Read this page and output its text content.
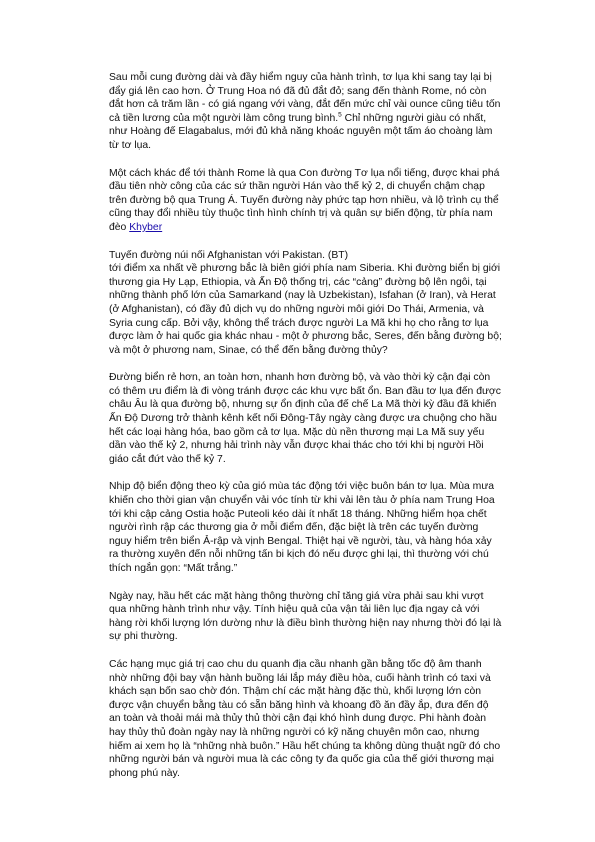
Sau mỗi cung đường dài và đầy hiểm nguy của hành trình, tơ lụa khi sang tay lại bị đẩy giá lên cao hơn. Ở Trung Hoa nó đã đủ đắt đỏ; sang đến thành Rome, nó còn đắt hơn cả trăm lần - có giá ngang với vàng, đắt đến mức chỉ vài ounce cũng tiêu tốn cả tiền lương của một người làm công trung bình.$^5$ Chỉ những người giàu có nhất, như Hoàng đế Elagabalus, mới đủ khả năng khoác nguyên một tấm áo choàng làm từ tơ lụa.

Một cách khác để tới thành Rome là qua Con đường Tơ lụa nổi tiếng, được khai phá đầu tiên nhờ công của các sứ thần người Hán vào thế kỷ 2, di chuyển chậm chạp trên đường bộ qua Trung Á. Tuyến đường này phức tạp hơn nhiều, và lộ trình cụ thể cũng thay đổi nhiều tùy thuộc tình hình chính trị và quân sự biến động, từ phía nam đèo Khyber

Tuyến đường núi nối Afghanistan với Pakistan. (BT)

tới điểm xa nhất về phương bắc là biên giới phía nam Siberia. Khi đường biển bị giới thương gia Hy Lạp, Ethiopia, và Ấn Độ thống trị, các “cảng” đường bộ lên ngôi, tại những thành phố lớn của Samarkand (nay là Uzbekistan), Isfahan (ở Iran), và Herat (ở Afghanistan), có đầy đủ dịch vụ do những người môi giới Do Thái, Armenia, và Syria cung cấp. Bởi vậy, không thể trách được người La Mã khi họ cho rằng tơ lụa được làm ở hai quốc gia khác nhau - một ở phương bắc, Seres, đến bằng đường bộ; và một ở phương nam, Sinae, có thể đến bằng đường thủy?

Đường biển rẻ hơn, an toàn hơn, nhanh hơn đường bộ, và vào thời kỳ cận đại còn có thêm ưu điểm là đi vòng tránh được các khu vực bất ổn. Ban đầu tơ lụa đến được châu Âu là qua đường bộ, nhưng sự ổn định của đế chế La Mã thời kỳ đầu đã khiến Ấn Độ Dương trở thành kênh kết nối Đông-Tây ngày càng được ưa chuộng cho hầu hết các loại hàng hóa, bao gồm cả tơ lụa. Mặc dù nền thương mại La Mã suy yếu dần vào thế kỷ 2, nhưng hải trình này vẫn được khai thác cho tới khi bị người Hồi giáo cắt đứt vào thế kỷ 7.

Nhịp độ biển động theo kỳ của gió mùa tác động tới việc buôn bán tơ lụa. Mùa mưa khiến cho thời gian vận chuyển vải vóc tính từ khi vải lên tàu ở phía nam Trung Hoa tới khi cập cảng Ostia hoặc Puteoli kéo dài ít nhất 18 tháng. Những hiểm họa chết người rình rập các thương gia ở mỗi điểm đến, đặc biệt là trên các tuyến đường nguy hiểm trên biển Ả-rập và vịnh Bengal. Thiệt hại về người, tàu, và hàng hóa xảy ra thường xuyên đến nỗi những tấn bi kịch đó nếu được ghi lại, thì thường với chú thích ngắn gọn: “Mất trắng.”

Ngày nay, hầu hết các mặt hàng thông thường chỉ tăng giá vừa phải sau khi vượt qua những hành trình như vậy. Tính hiệu quả của vận tải liên lục địa ngay cả với hàng rời khối lượng lớn dường như là điều bình thường hiện nay nhưng thời đó lại là sự phi thường.

Các hạng mục giá trị cao chu du quanh địa cầu nhanh gần bằng tốc độ âm thanh nhờ những đội bay vận hành buồng lái lắp máy điều hòa, cuối hành trình có taxi và khách sạn bốn sao chờ đón. Thậm chí các mặt hàng đặc thù, khối lượng lớn còn được vận chuyển bằng tàu có sẵn băng hình và khoang đồ ăn đầy ắp, đưa đến độ an toàn và thoải mái mà thủy thủ thời cận đại khó hình dung được. Phi hành đoàn hay thủy thủ đoàn ngày nay là những người có kỹ năng chuyên môn cao, nhưng hiếm ai xem họ là “những nhà buôn.” Hầu hết chúng ta không dùng thuật ngữ đó cho những người bán và người mua là các công ty đa quốc gia của thế giới thương mại phong phú này.
